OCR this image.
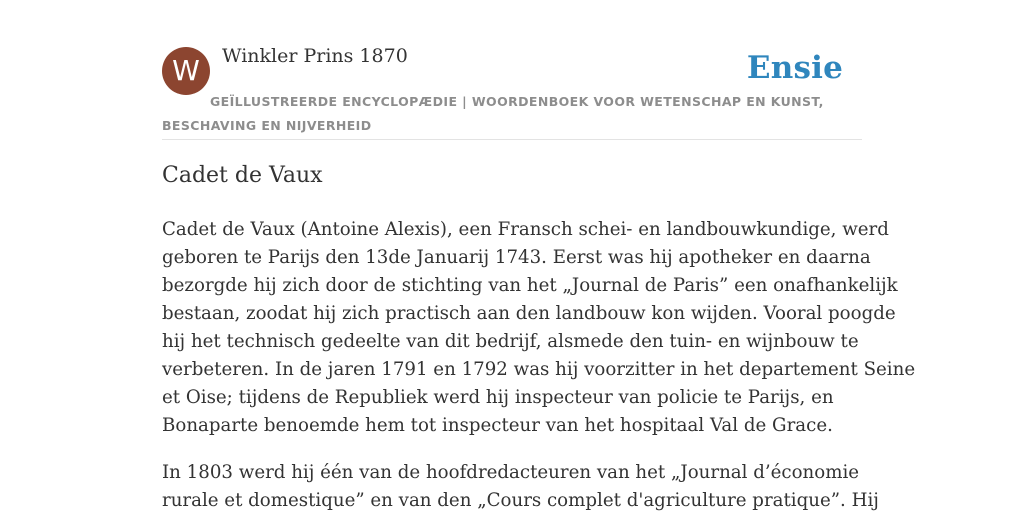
W Winkler Prins 1870	Ensie
GEÏLLUSTREERDE ENCYCLOPÆDIE | WOORDENBOEK VOOR WETENSCHAP EN KUNST,
BESCHAVING EN NIJVERHEID
Cadet de Vaux

Cadet de Vaux (Antoine Alexis), een Fransch schei- en landbouwkundige, werd
geboren te Parijs den 13de Januarij 1743. Eerst was hij apotheker en daarna
bezorgde hij zich door de stichting van het „Journal de Paris” een onafhankelijk
bestaan, zoodat hij zich practisch aan den landbouw kon wijden. Vooral poogde
hij het technisch gedeelte van dit bedrijf, alsmede den tuin- en wijnbouw te
verbeteren. In de jaren 1791 en 1792 was hij voorzitter in het departement Seine
et Oise; tijdens de Republiek werd hij inspecteur van policie te Parijs, en
Bonaparte benoemde hem tot inspecteur van het hospitaal Val de Grace.

In 1803 werd hij één van de hoofdredacteuren van het „Journal d’économie
rurale et domestique” en van den „Cours complet d'agriculture pratique”. Hij
